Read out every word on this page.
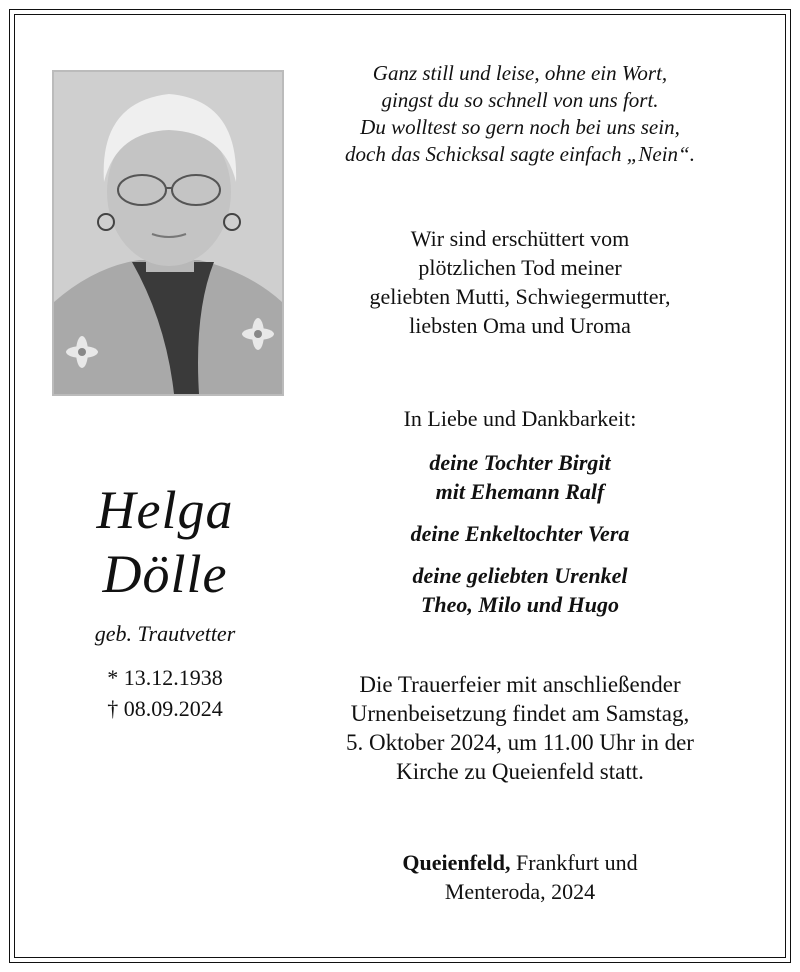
Ganz still und leise, ohne ein Wort,
gingst du so schnell von uns fort.
Du wolltest so gern noch bei uns sein,
doch das Schicksal sagte einfach „Nein“.
Wir sind erschüttert vom
plötzlichen Tod meiner
geliebten Mutti, Schwiegermutter,
liebsten Oma und Uroma
In Liebe und Dankbarkeit:
deine Tochter Birgit
mit Ehemann Ralf
deine Enkeltochter Vera
deine geliebten Urenkel
Theo, Milo und Hugo
Helga
Dölle
geb. Trautvetter
* 13.12.1938
† 08.09.2024
Die Trauerfeier mit anschließender
Urnenbeisetzung findet am Samstag,
5. Oktober 2024, um 11.00 Uhr in der
Kirche zu Queienfeld statt.
Queienfeld, Frankfurt und
Menteroda, 2024
